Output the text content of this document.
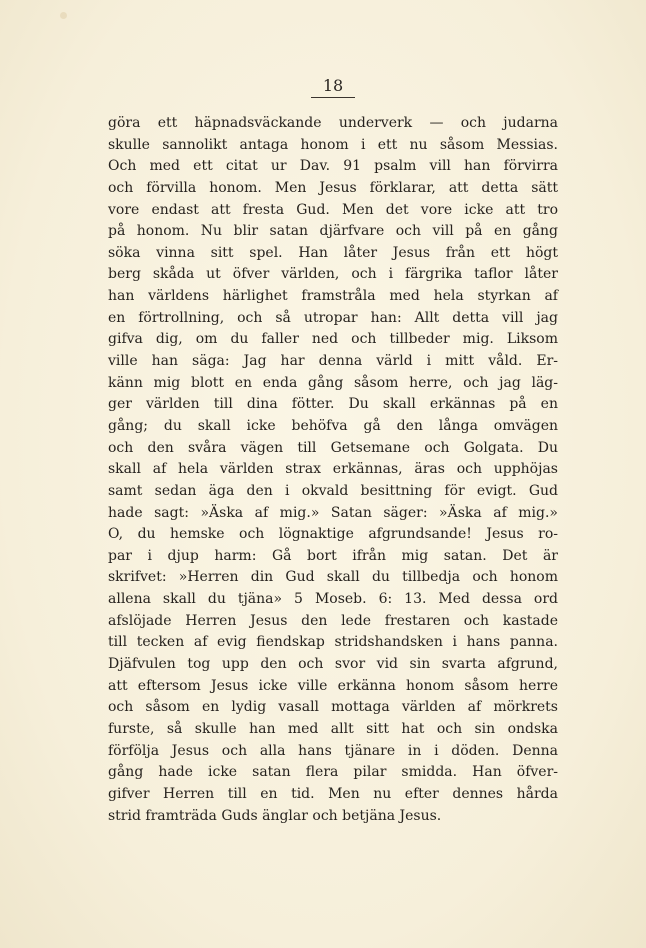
18
göra ett häpnadsväckande underverk — och judarna
skulle sannolikt antaga honom i ett nu såsom Messias.
Och med ett citat ur Dav. 91 psalm vill han förvirra
och förvilla honom. Men Jesus förklarar, att detta sätt
vore endast att fresta Gud. Men det vore icke att tro
på honom. Nu blir satan djärfvare och vill på en gång
söka vinna sitt spel. Han låter Jesus från ett högt
berg skåda ut öfver världen, och i färgrika taflor låter
han världens härlighet framstråla med hela styrkan af
en förtrollning, och så utropar han: Allt detta vill jag
gifva dig, om du faller ned och tillbeder mig. Liksom
ville han säga: Jag har denna värld i mitt våld. Er-
känn mig blott en enda gång såsom herre, och jag läg-
ger världen till dina fötter. Du skall erkännas på en
gång; du skall icke behöfva gå den långa omvägen
och den svåra vägen till Getsemane och Golgata. Du
skall af hela världen strax erkännas, äras och upphöjas
samt sedan äga den i okvald besittning för evigt. Gud
hade sagt: »Äska af mig.» Satan säger: »Äska af mig.»
O, du hemske och lögnaktige afgrundsande! Jesus ro-
par i djup harm: Gå bort ifrån mig satan. Det är
skrifvet: »Herren din Gud skall du tillbedja och honom
allena skall du tjäna» 5 Moseb. 6: 13. Med dessa ord
afslöjade Herren Jesus den lede frestaren och kastade
till tecken af evig fiendskap stridshandsken i hans panna.
Djäfvulen tog upp den och svor vid sin svarta afgrund,
att eftersom Jesus icke ville erkänna honom såsom herre
och såsom en lydig vasall mottaga världen af mörkrets
furste, så skulle han med allt sitt hat och sin ondska
förfölja Jesus och alla hans tjänare in i döden. Denna
gång hade icke satan flera pilar smidda. Han öfver-
gifver Herren till en tid. Men nu efter dennes hårda
strid framträda Guds änglar och betjäna Jesus.
